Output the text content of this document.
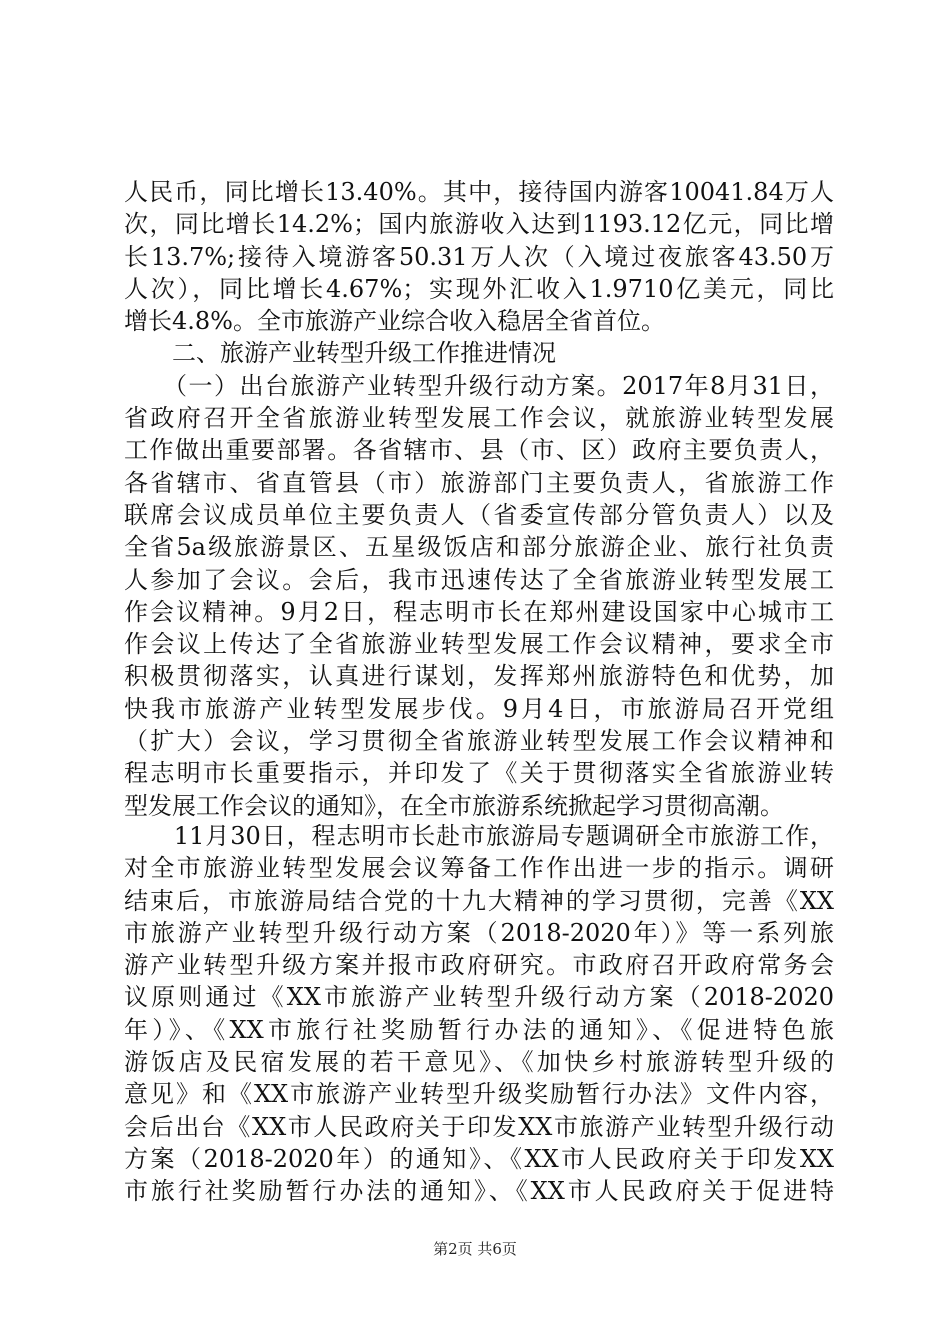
人民币，同比增长13.40%。其中，接待国内游客10041.84万人
次，同比增长14.2%；国内旅游收入达到1193.12亿元，同比增
长13.7%;接待入境游客50.31万人次（入境过夜旅客43.50万
人次），同比增长4.67%；实现外汇收入1.9710亿美元，同比
增长4.8%。全市旅游产业综合收入稳居全省首位。
　　二、旅游产业转型升级工作推进情况
　　（一）出台旅游产业转型升级行动方案。2017年8月31日，
省政府召开全省旅游业转型发展工作会议，就旅游业转型发展
工作做出重要部署。各省辖市、县（市、区）政府主要负责人，
各省辖市、省直管县（市）旅游部门主要负责人，省旅游工作
联席会议成员单位主要负责人（省委宣传部分管负责人）以及
全省5a级旅游景区、五星级饭店和部分旅游企业、旅行社负责
人参加了会议。会后，我市迅速传达了全省旅游业转型发展工
作会议精神。9月2日，程志明市长在郑州建设国家中心城市工
作会议上传达了全省旅游业转型发展工作会议精神，要求全市
积极贯彻落实，认真进行谋划，发挥郑州旅游特色和优势，加
快我市旅游产业转型发展步伐。9月4日，市旅游局召开党组
（扩大）会议，学习贯彻全省旅游业转型发展工作会议精神和
程志明市长重要指示，并印发了《关于贯彻落实全省旅游业转
型发展工作会议的通知》，在全市旅游系统掀起学习贯彻高潮。
　　11月30日，程志明市长赴市旅游局专题调研全市旅游工作，
对全市旅游业转型发展会议筹备工作作出进一步的指示。调研
结束后，市旅游局结合党的十九大精神的学习贯彻，完善《XX
市旅游产业转型升级行动方案（2018-2020年）》等一系列旅
游产业转型升级方案并报市政府研究。市政府召开政府常务会
议原则通过《XX市旅游产业转型升级行动方案（2018-2020
年）》、《XX市旅行社奖励暂行办法的通知》、《促进特色旅
游饭店及民宿发展的若干意见》、《加快乡村旅游转型升级的
意见》和《XX市旅游产业转型升级奖励暂行办法》文件内容，
会后出台《XX市人民政府关于印发XX市旅游产业转型升级行动
方案（2018-2020年）的通知》、《XX市人民政府关于印发XX
市旅行社奖励暂行办法的通知》、《XX市人民政府关于促进特
第2页 共6页
